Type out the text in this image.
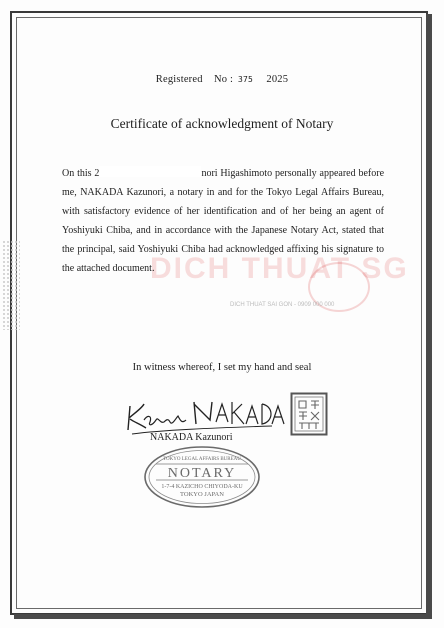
Registered No : 375 2025
Certificate of acknowledgment of Notary
DICH THUAT SG
DICH THUAT SAI GON - 0909 000 000

On this 2	nori Higashimoto personally appeared before me, NAKADA Kazunori, a notary in and for the Tokyo Legal Affairs Bureau, with satisfactory evidence of her identification and of her being an agent of Yoshiyuki Chiba, and in accordance with the Japanese Notary Act, stated that the principal, said Yoshiyuki Chiba had acknowledged affixing his signature to the attached document.

In witness whereof, I set my hand and seal
NAKADA Kazunori
TOKYO LEGAL AFFAIRS BUREAU
NOTARY
1-7-4 KAZICHO CHIYODA-KU
TOKYO JAPAN
